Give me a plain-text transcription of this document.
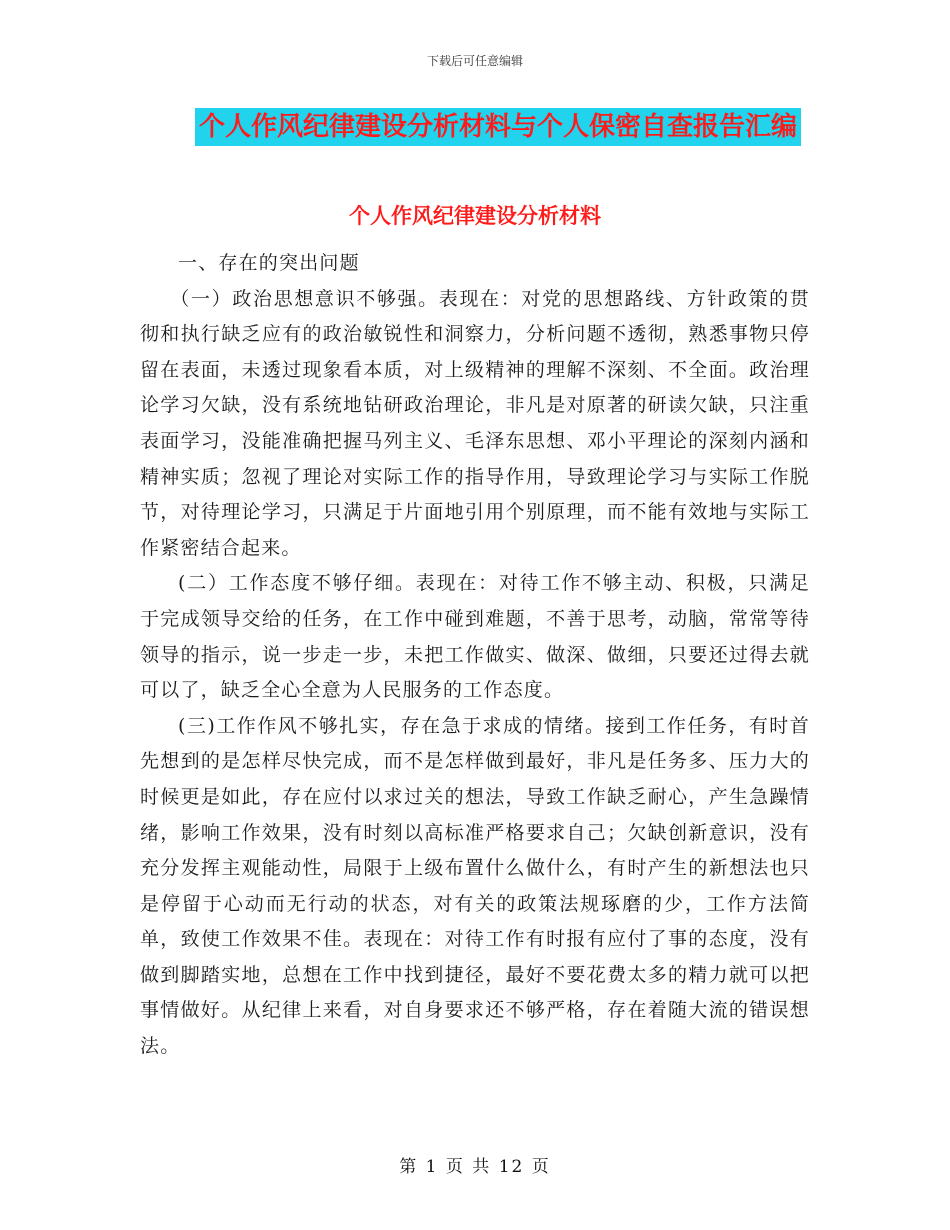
下载后可任意编辑
个人作风纪律建设分析材料与个人保密自查报告汇编
个人作风纪律建设分析材料

一、存在的突出问题

（一）政治思想意识不够强。表现在：对党的思想路线、方针政策的贯彻和执行缺乏应有的政治敏锐性和洞察力，分析问题不透彻，熟悉事物只停留在表面，未透过现象看本质，对上级精神的理解不深刻、不全面。政治理论学习欠缺，没有系统地钻研政治理论，非凡是对原著的研读欠缺，只注重表面学习，没能准确把握马列主义、毛泽东思想、邓小平理论的深刻内涵和精神实质；忽视了理论对实际工作的指导作用，导致理论学习与实际工作脱节，对待理论学习，只满足于片面地引用个别原理，而不能有效地与实际工作紧密结合起来。

(二）工作态度不够仔细。表现在：对待工作不够主动、积极，只满足于完成领导交给的任务，在工作中碰到难题，不善于思考，动脑，常常等待领导的指示，说一步走一步，未把工作做实、做深、做细，只要还过得去就可以了，缺乏全心全意为人民服务的工作态度。

(三)工作作风不够扎实，存在急于求成的情绪。接到工作任务，有时首先想到的是怎样尽快完成，而不是怎样做到最好，非凡是任务多、压力大的时候更是如此，存在应付以求过关的想法，导致工作缺乏耐心，产生急躁情绪，影响工作效果，没有时刻以高标准严格要求自己；欠缺创新意识，没有充分发挥主观能动性，局限于上级布置什么做什么，有时产生的新想法也只是停留于心动而无行动的状态，对有关的政策法规琢磨的少，工作方法简单，致使工作效果不佳。表现在：对待工作有时报有应付了事的态度，没有做到脚踏实地，总想在工作中找到捷径，最好不要花费太多的精力就可以把事情做好。从纪律上来看，对自身要求还不够严格，存在着随大流的错误想法。

第 1 页 共 12 页
